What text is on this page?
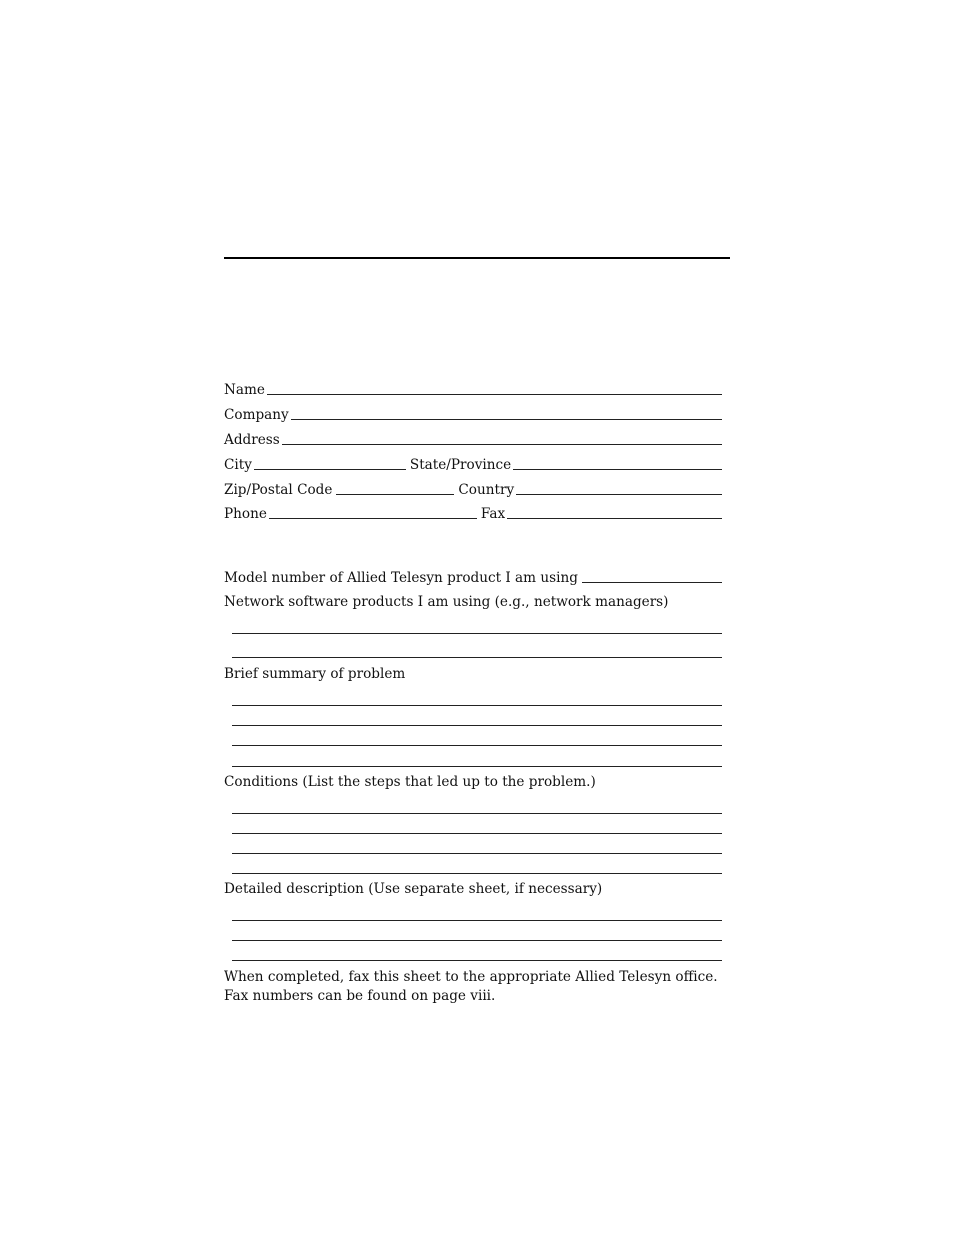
Name
Company
Address
City	State/Province
Zip/Postal Code	Country
Phone	Fax
Model number of Allied Telesyn product I am using
Network software products I am using (e.g., network managers)
Brief summary of problem
Conditions (List the steps that led up to the problem.)
Detailed description (Use separate sheet, if necessary)
When completed, fax this sheet to the appropriate Allied Telesyn office. Fax numbers can be found on page viii.
